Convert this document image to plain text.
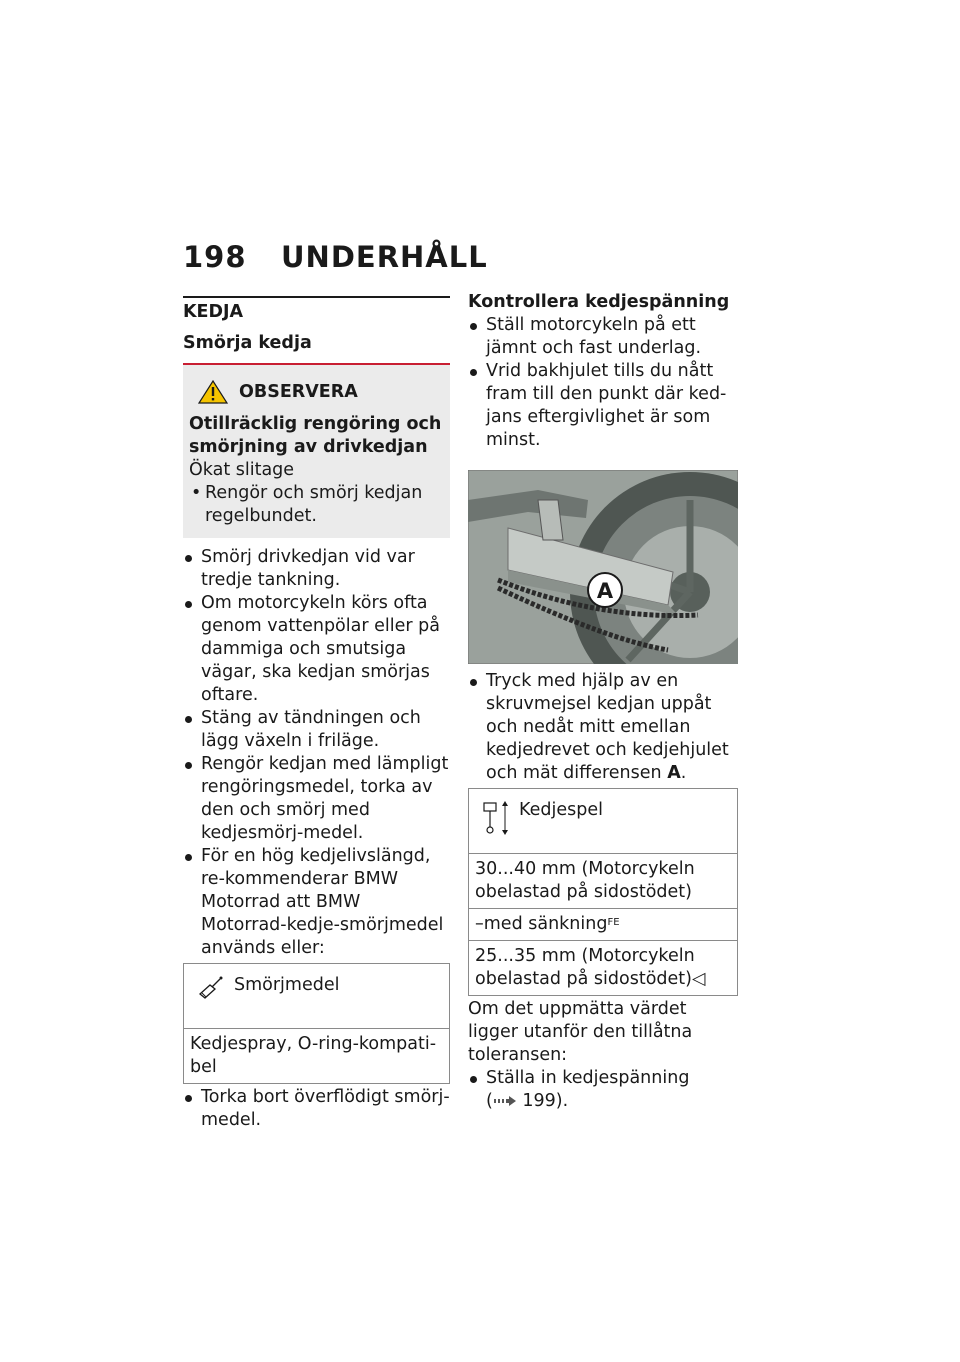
198 UNDERHÅLL
KEDJA
Smörja kedja
OBSERVERA
Otillräcklig rengöring och smörjning av drivkedjan
Ökat slitage
• Rengör och smörj kedjan regelbundet.
Smörj drivkedjan vid var tredje tankning.
Om motorcykeln körs ofta genom vattenpölar eller på dammiga och smutsiga vägar, ska kedjan smörjas oftare.
Stäng av tändningen och lägg växeln i friläge.
Rengör kedjan med lämpligt rengöringsmedel, torka av den och smörj med kedjesmörj-medel.
För en hög kedjelivslängd, re-kommenderar BMW Motorrad att BMW Motorrad-kedje-smörjmedel används eller:
Smörjmedel

Kedjespray, O-ring-kompati-bel
Torka bort överflödigt smörj-medel.
Kontrollera kedjespänning
Ställ motorcykeln på ett jämnt och fast underlag.
Vrid bakhjulet tills du nått fram till den punkt där ked-jans eftergivlighet är som minst.
A
Tryck med hjälp av en skruvmejsel kedjan uppåt och nedåt mitt emellan kedjedrevet och kedjehjulet och mät differensen A.
Kedjespel

30...40 mm (Motorcykeln obelastad på sidostödet)
–med sänkning$^{FE}$
25...35 mm (Motorcykeln obelastad på sidostödet)◁
Om det uppmätta värdet ligger utanför den tillåtna toleransen:
Ställa in kedjespänning
( 199).
